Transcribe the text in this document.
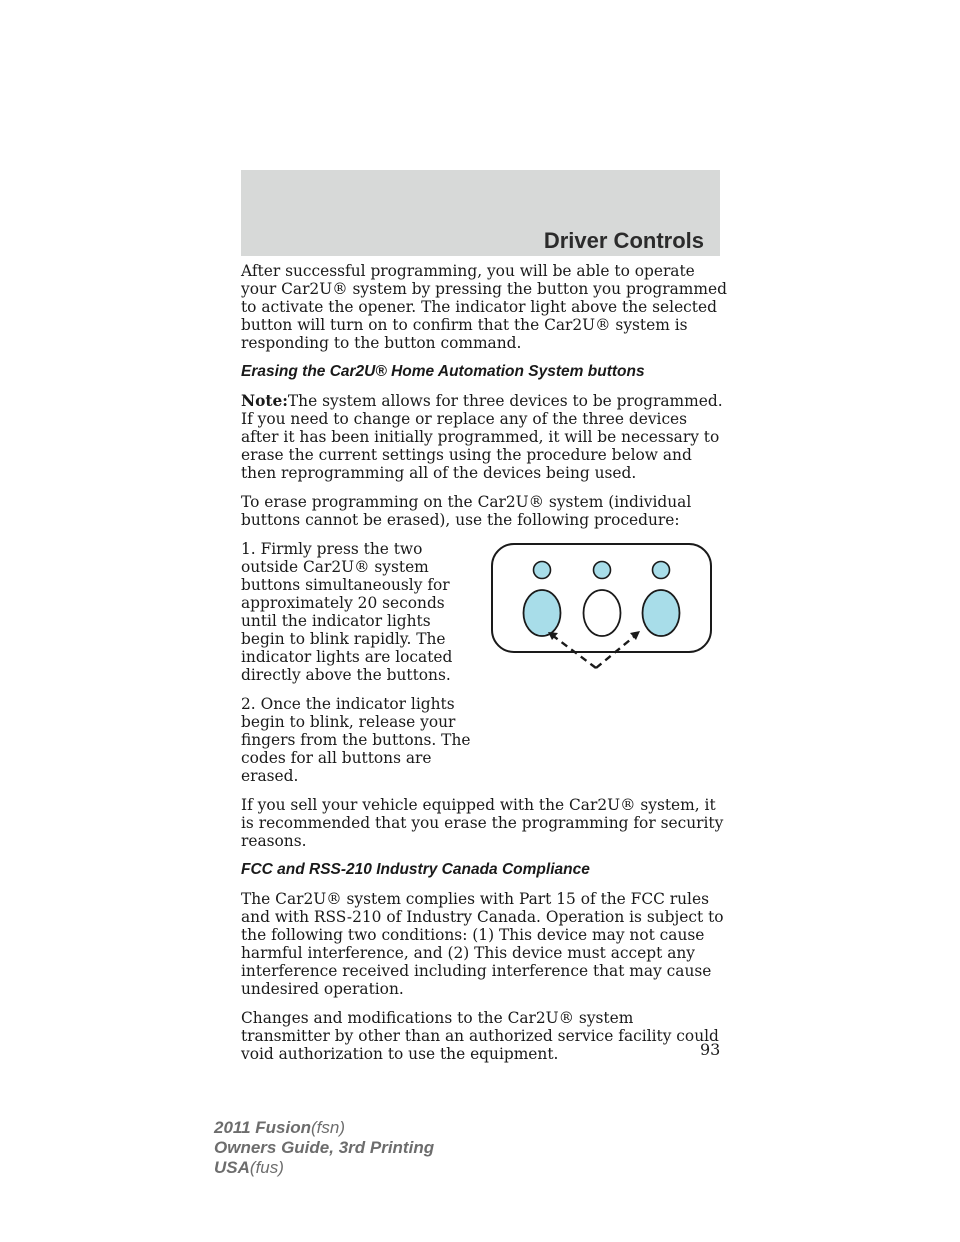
Driver Controls

After successful programming, you will be able to operate your Car2U® system by pressing the button you programmed to activate the opener. The indicator light above the selected button will turn on to confirm that the Car2U® system is responding to the button command.

Erasing the Car2U® Home Automation System buttons

Note:The system allows for three devices to be programmed. If you need to change or replace any of the three devices after it has been initially programmed, it will be necessary to erase the current settings using the procedure below and then reprogramming all of the devices being used.

To erase programming on the Car2U® system (individual buttons cannot be erased), use the following procedure:

1. Firmly press the two outside Car2U® system buttons simultaneously for approximately 20 seconds until the indicator lights begin to blink rapidly. The indicator lights are located directly above the buttons.

2. Once the indicator lights begin to blink, release your fingers from the buttons. The codes for all buttons are erased.

If you sell your vehicle equipped with the Car2U® system, it is recommended that you erase the programming for security reasons.

FCC and RSS-210 Industry Canada Compliance

The Car2U® system complies with Part 15 of the FCC rules and with RSS-210 of Industry Canada. Operation is subject to the following two conditions: (1) This device may not cause harmful interference, and (2) This device must accept any interference received including interference that may cause undesired operation.

Changes and modifications to the Car2U® system transmitter by other than an authorized service facility could void authorization to use the equipment.	93

2011 Fusion(fsn)
Owners Guide, 3rd Printing
USA(fus)
